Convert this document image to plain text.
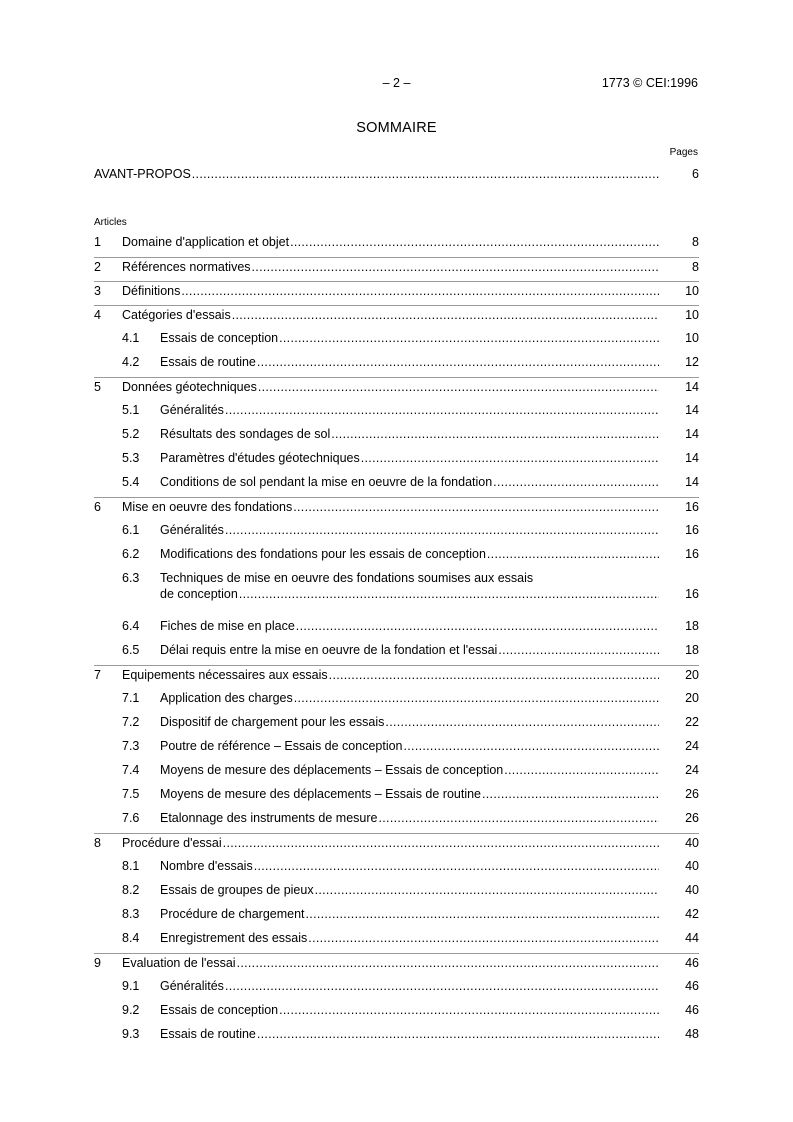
– 2 –	1773 © CEI:1996
SOMMAIRE
Pages
AVANT-PROPOS .....	6
Articles
1 Domaine d'application et objet .....	8
2 Références normatives .....	8
3 Définitions .....	10
4 Catégories d'essais .....	10
4.1 Essais de conception .....	10
4.2 Essais de routine .....	12
5 Données géotechniques .....	14
5.1 Généralités .....	14
5.2 Résultats des sondages de sol .....	14
5.3 Paramètres d'études géotechniques .....	14
5.4 Conditions de sol pendant la mise en oeuvre de la fondation .....	14
6 Mise en oeuvre des fondations .....	16
6.1 Généralités .....	16
6.2 Modifications des fondations pour les essais de conception .....	16
6.3 Techniques de mise en oeuvre des fondations soumises aux essais
de conception .....	16
6.4 Fiches de mise en place .....	18
6.5 Délai requis entre la mise en oeuvre de la fondation et l'essai .....	18
7 Equipements nécessaires aux essais .....	20
7.1 Application des charges .....	20
7.2 Dispositif de chargement pour les essais .....	22
7.3 Poutre de référence – Essais de conception .....	24
7.4 Moyens de mesure des déplacements – Essais de conception .....	24
7.5 Moyens de mesure des déplacements – Essais de routine .....	26
7.6 Etalonnage des instruments de mesure .....	26
8 Procédure d'essai .....	40
8.1 Nombre d'essais .....	40
8.2 Essais de groupes de pieux .....	40
8.3 Procédure de chargement .....	42
8.4 Enregistrement des essais .....	44
9 Evaluation de l'essai .....	46
9.1 Généralités .....	46
9.2 Essais de conception .....	46
9.3 Essais de routine .....	48
